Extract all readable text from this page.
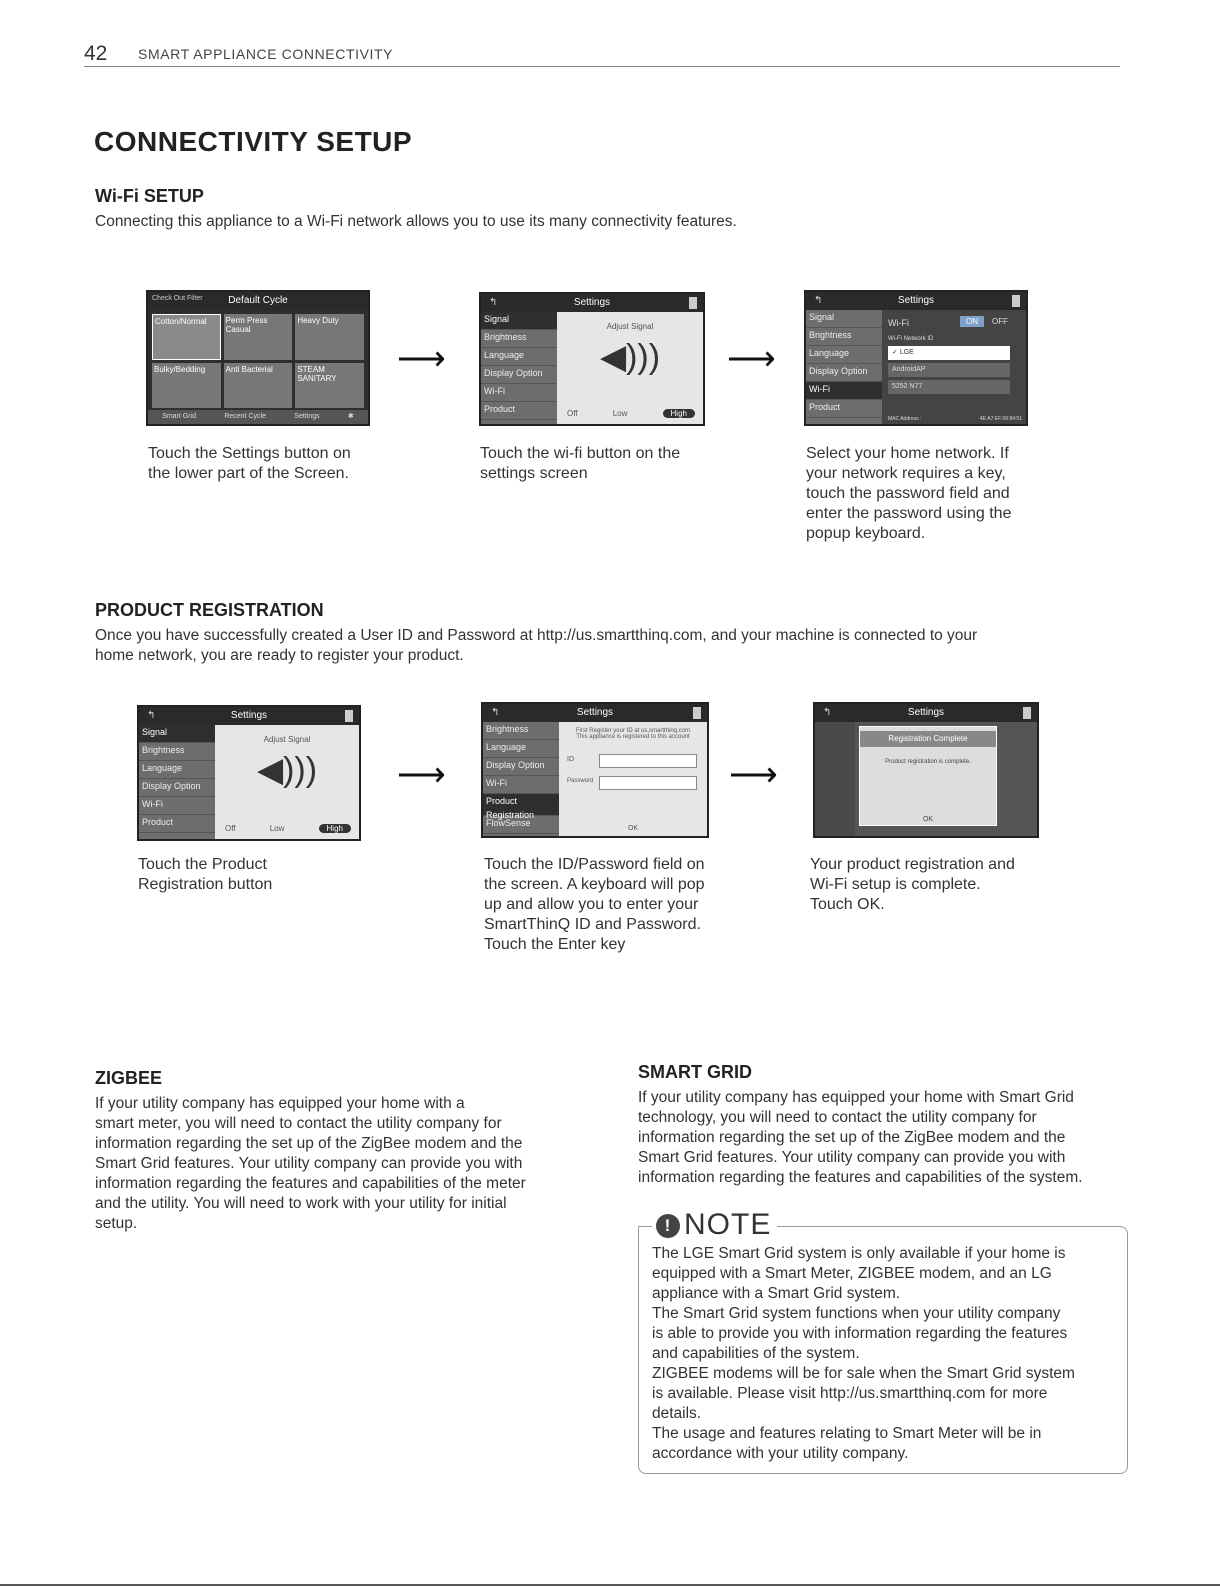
42 SMART APPLIANCE CONNECTIVITY
CONNECTIVITY SETUP
Wi-Fi SETUP
Connecting this appliance to a Wi-Fi network allows you to use its many connectivity features.
Default Cycle
Check Out Filter
Cotton/Normal	Perm Press Casual
Heavy Duty
Bulky/Bedding	Anti Bacterial	STEAM SANITARY
Smart Grid	Recent Cycle	Settings	✱
⟶
↰	Settings
Signal
Brightness
Language
Display Option
Wi-Fi
Product
Adjust Signal
◀)))
Off	Low	High
⟶
↰	Settings
Signal
Brightness
Language
Display Option
Wi-Fi
Product
Wi-Fi	ON	OFF
Wi-Fi Network ID
✓ LGE
AndroidAP
5252 N77
MAC Address :	4E:A7:EF:09:84:51
Touch the Settings button on
the lower part of the Screen.
Touch the wi-fi button on the
settings screen
Select your home network. If
your network requires a key,
touch the password field and
enter the password using the
popup keyboard.
PRODUCT REGISTRATION
Once you have successfully created a User ID and Password at http://us.smartthinq.com, and your machine is connected to your
home network, you are ready to register your product.
↰	Settings
Signal
Brightness
Language
Display Option
Wi-Fi
Product
Adjust Signal
◀)))
Off	Low	High
⟶
↰	Settings
Brightness
Language
Display Option
Wi-Fi
Product Registration
FlowSense
First Register your ID at us.smartthinq.com
This appliance is registered to this account
ID
Password
OK
⟶
↰	Settings
Registration Complete
Product registration is complete.
OK
Touch the Product
Registration button
Touch the ID/Password field on
the screen. A keyboard will pop
up and allow you to enter your
SmartThinQ ID and Password.
Touch the Enter key
Your product registration and
Wi-Fi setup is complete.
Touch OK.
ZIGBEE
If your utility company has equipped your home with a
smart meter, you will need to contact the utility company for
information regarding the set up of the ZigBee modem and the
Smart Grid features. Your utility company can provide you with
information regarding the features and capabilities of the meter
and the utility. You will need to work with your utility for initial
setup.
SMART GRID
If your utility company has equipped your home with Smart Grid
technology, you will need to contact the utility company for
information regarding the set up of the ZigBee modem and the
Smart Grid features. Your utility company can provide you with
information regarding the features and capabilities of the system.
! NOTE
The LGE Smart Grid system is only available if your home is
equipped with a Smart Meter, ZIGBEE modem, and an LG
appliance with a Smart Grid system.
The Smart Grid system functions when your utility company
is able to provide you with information regarding the features
and capabilities of the system.
ZIGBEE modems will be for sale when the Smart Grid system
is available. Please visit http://us.smartthinq.com for more
details.
The usage and features relating to Smart Meter will be in
accordance with your utility company.
